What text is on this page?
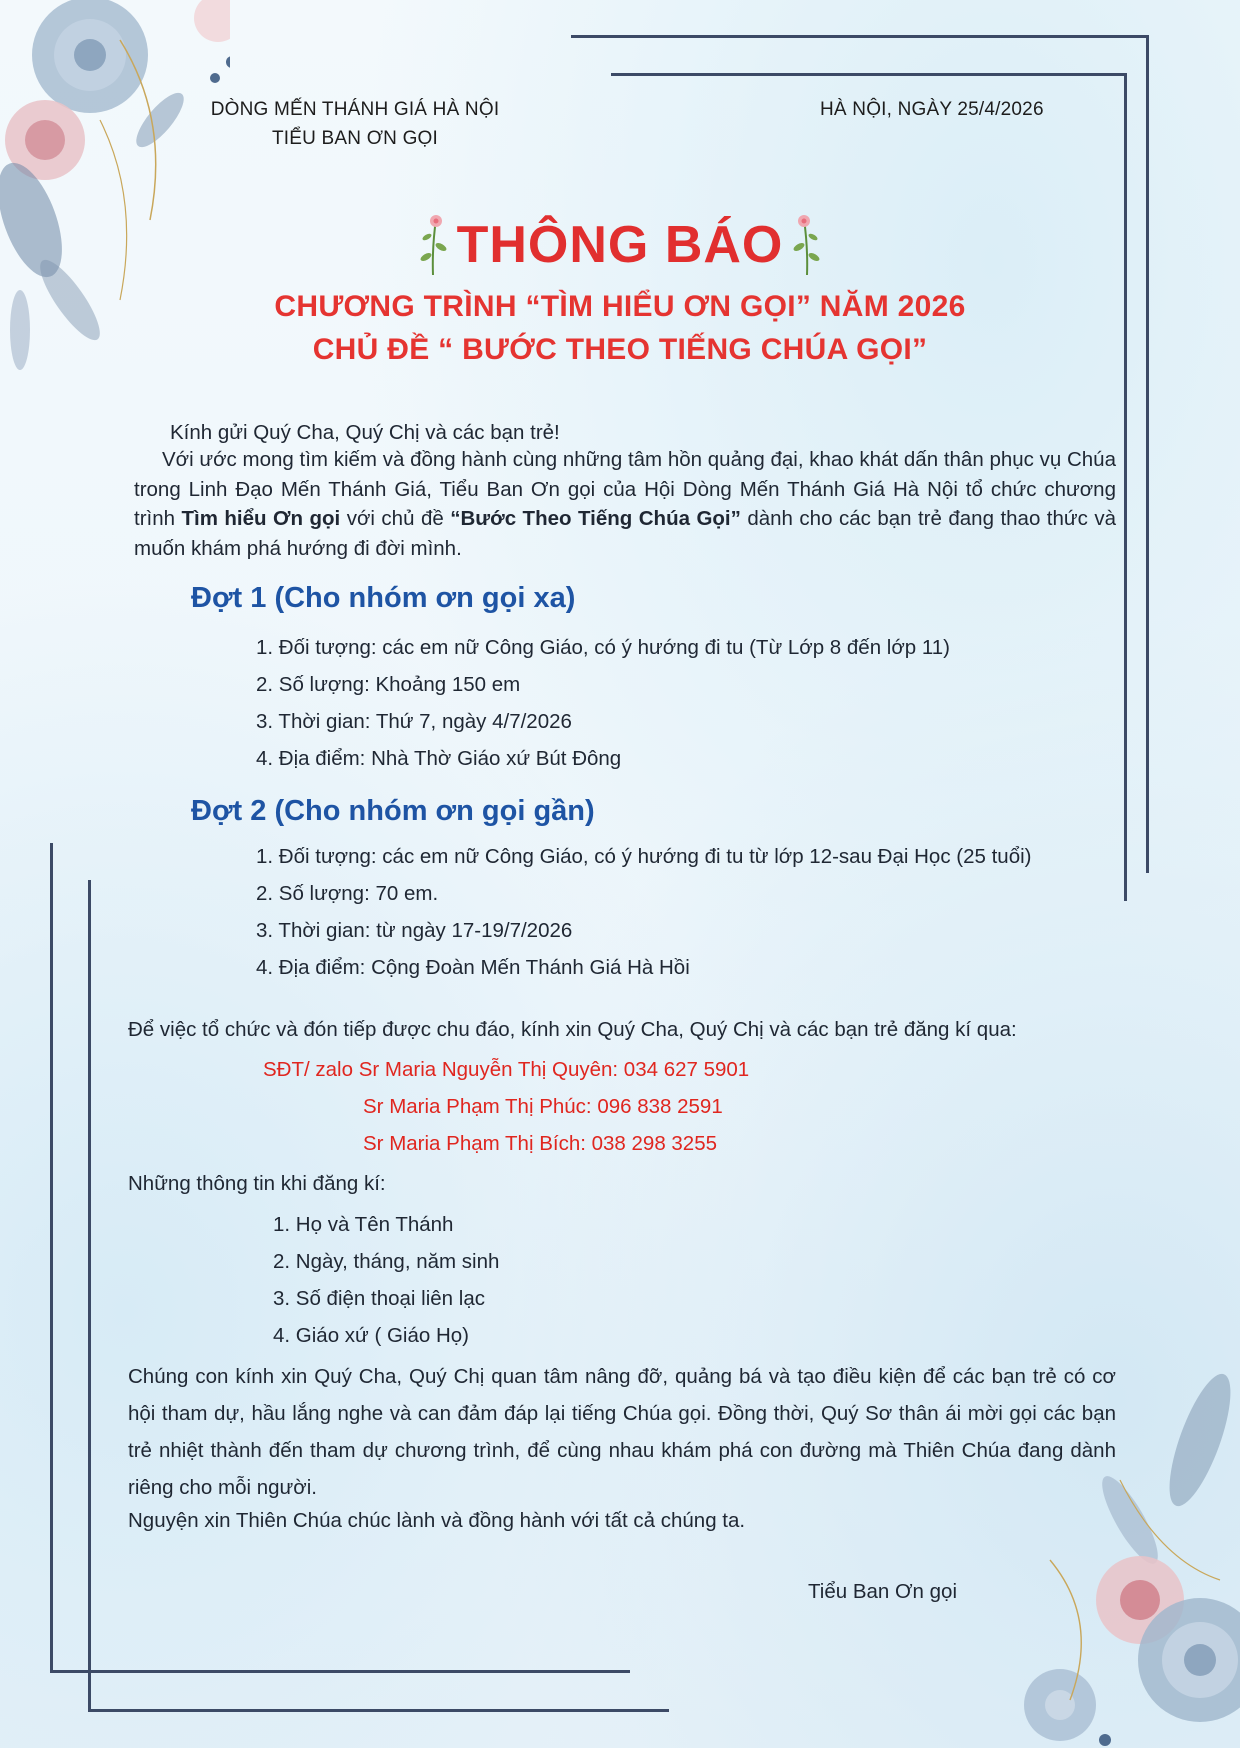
DÒNG MẾN THÁNH GIÁ HÀ NỘI
TIỂU BAN ƠN GỌI
HÀ NỘI, NGÀY 25/4/2026
THÔNG BÁO
CHƯƠNG TRÌNH “TÌM HIỂU ƠN GỌI” NĂM 2026
CHỦ ĐỀ “ BƯỚC THEO TIẾNG CHÚA GỌI”
Kính gửi Quý Cha, Quý Chị và các bạn trẻ!
Với ước mong tìm kiếm và đồng hành cùng những tâm hồn quảng đại, khao khát dấn thân phục vụ Chúa trong Linh Đạo Mến Thánh Giá, Tiểu Ban Ơn gọi của Hội Dòng Mến Thánh Giá Hà Nội tổ chức chương trình Tìm hiểu Ơn gọi với chủ đề “Bước Theo Tiếng Chúa Gọi” dành cho các bạn trẻ đang thao thức và muốn khám phá hướng đi đời mình.
Đợt 1 (Cho nhóm ơn gọi xa)
1. Đối tượng: các em nữ Công Giáo, có ý hướng đi tu (Từ Lớp 8 đến lớp 11)
2. Số lượng: Khoảng 150 em
3. Thời gian: Thứ 7, ngày 4/7/2026
4. Địa điểm: Nhà Thờ Giáo xứ Bút Đông
Đợt 2 (Cho nhóm ơn gọi gần)
1. Đối tượng: các em nữ Công Giáo, có ý hướng đi tu từ lớp 12-sau Đại Học (25 tuổi)
2. Số lượng: 70 em.
3. Thời gian: từ ngày 17-19/7/2026
4. Địa điểm: Cộng Đoàn Mến Thánh Giá Hà Hồi
Để việc tổ chức và đón tiếp được chu đáo, kính xin Quý Cha, Quý Chị và các bạn trẻ đăng kí qua:
SĐT/ zalo Sr Maria Nguyễn Thị Quyên: 034 627 5901
Sr Maria Phạm Thị Phúc: 096 838 2591
Sr Maria Phạm Thị Bích: 038 298 3255
Những thông tin khi đăng kí:
1. Họ và Tên Thánh
2. Ngày, tháng, năm sinh
3. Số điện thoại liên lạc
4. Giáo xứ ( Giáo Họ)
Chúng con kính xin Quý Cha, Quý Chị quan tâm nâng đỡ, quảng bá và tạo điều kiện để các bạn trẻ có cơ hội tham dự, hầu lắng nghe và can đảm đáp lại tiếng Chúa gọi. Đồng thời, Quý Sơ thân ái mời gọi các bạn trẻ nhiệt thành đến tham dự chương trình, để cùng nhau khám phá con đường mà Thiên Chúa đang dành riêng cho mỗi người.
Nguyện xin Thiên Chúa chúc lành và đồng hành với tất cả chúng ta.
Tiểu Ban Ơn gọi
